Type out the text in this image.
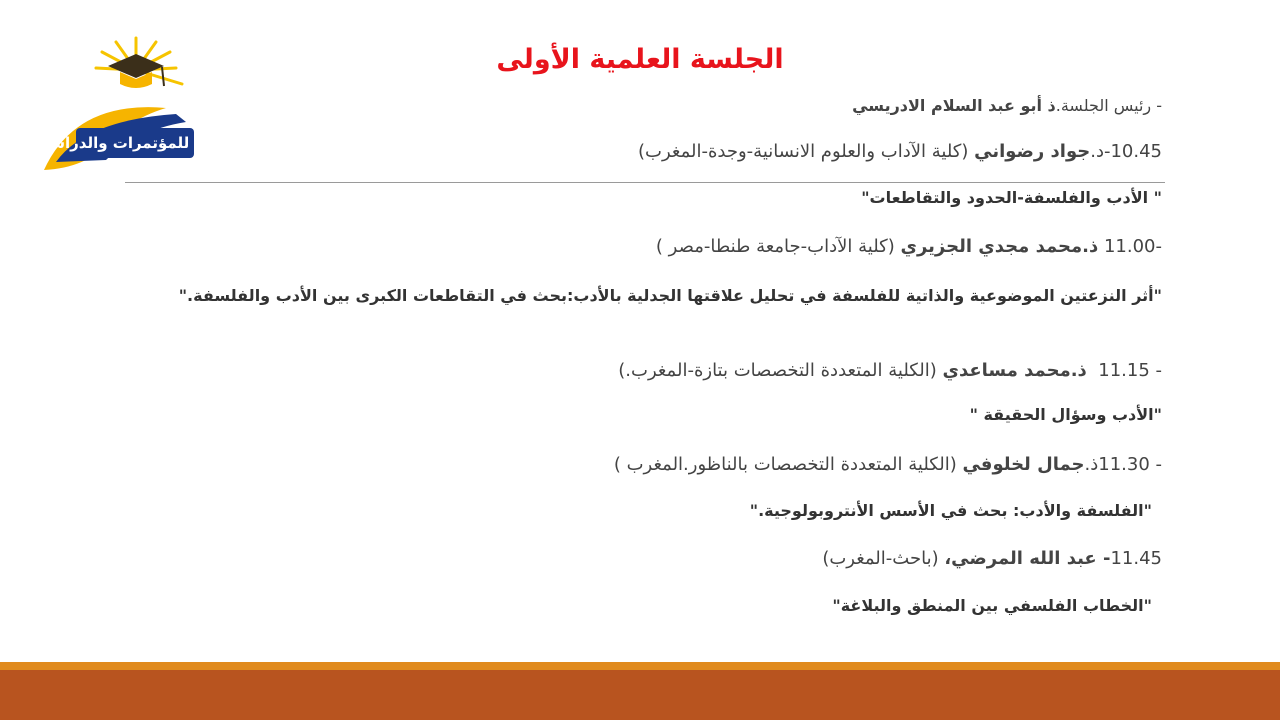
شمس للمؤتمرات والدراسات
الجلسة العلمية الأولى
- رئيس الجلسة.ذ أبو عبد السلام الادريسي
10.45-د.جواد رضواني (كلية الآداب والعلوم الانسانية-وجدة-المغرب)
" الأدب والفلسفة-الحدود والتقاطعات"
-11.00 ذ.محمد مجدي الجزيري (كلية الآداب-جامعة طنطا-مصر )
"أثر النزعتين الموضوعية والذاتية للفلسفة في تحليل علاقتها الجدلية بالأدب:بحث في التقاطعات الكبرى بين الأدب والفلسفة."
- 11.15  ذ.محمد مساعدي (الكلية المتعددة التخصصات بتازة-المغرب.)
"الأدب وسؤال الحقيقة "
- 11.30ذ.جمال لخلوفي (الكلية المتعددة التخصصات بالناظور.المغرب )
"الفلسفة والأدب: بحث في الأسس الأنتروبولوجية."
11.45- عبد الله المرضي، (باحث-المغرب)
"الخطاب الفلسفي بين المنطق والبلاغة"
